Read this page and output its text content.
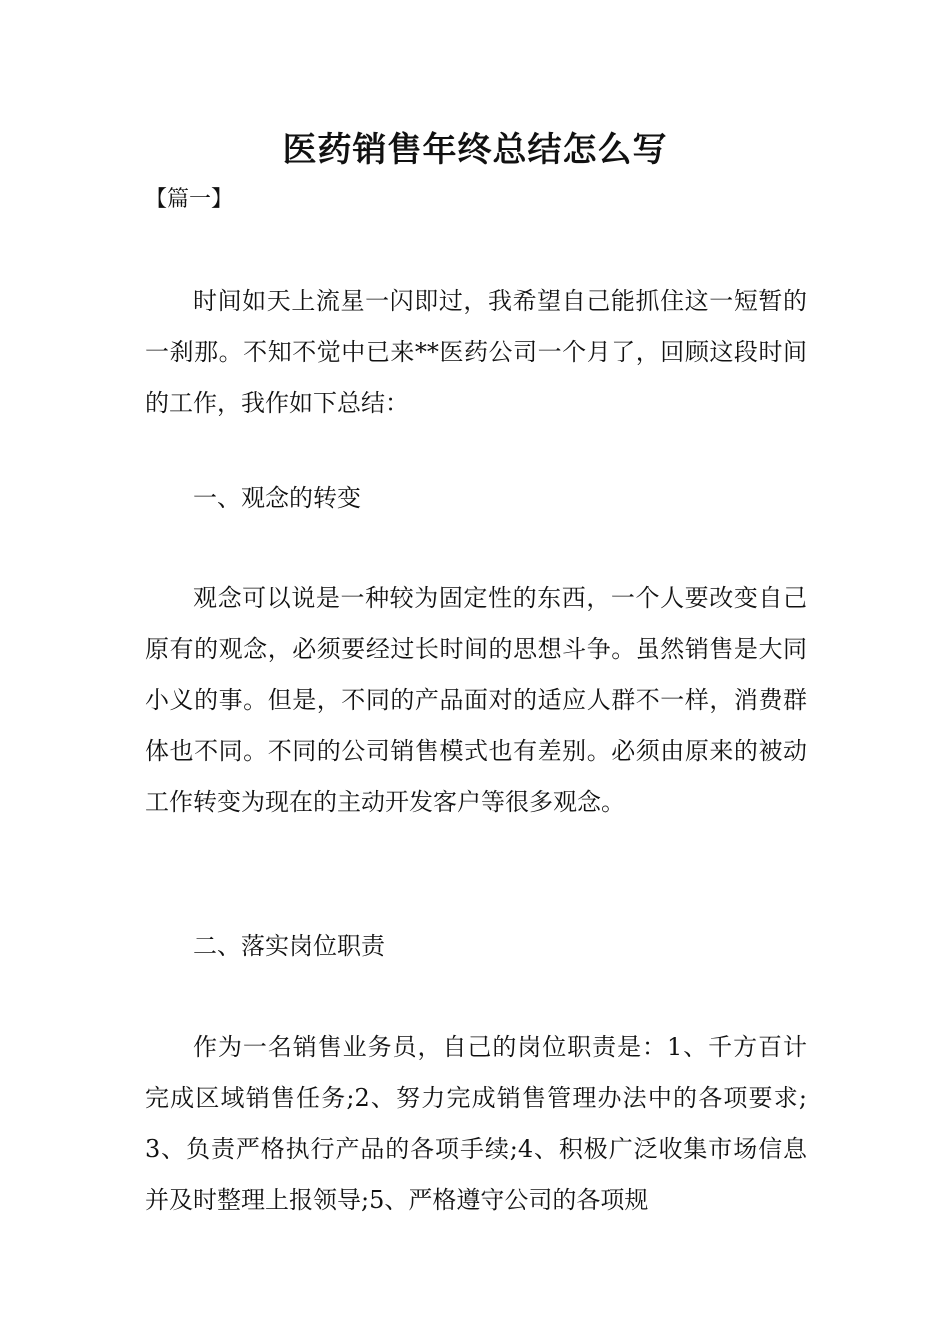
医药销售年终总结怎么写

【篇一】

时间如天上流星一闪即过，我希望自己能抓住这一短暂的一刹那。不知不觉中已来**医药公司一个月了，回顾这段时间的工作，我作如下总结：

一、观念的转变

观念可以说是一种较为固定性的东西，一个人要改变自己原有的观念，必须要经过长时间的思想斗争。虽然销售是大同小义的事。但是，不同的产品面对的适应人群不一样，消费群体也不同。不同的公司销售模式也有差别。必须由原来的被动工作转变为现在的主动开发客户等很多观念。

二、落实岗位职责

作为一名销售业务员，自己的岗位职责是：1、千方百计完成区域销售任务;2、努力完成销售管理办法中的各项要求;3、负责严格执行产品的各项手续;4、积极广泛收集市场信息并及时整理上报领导;5、严格遵守公司的各项规
